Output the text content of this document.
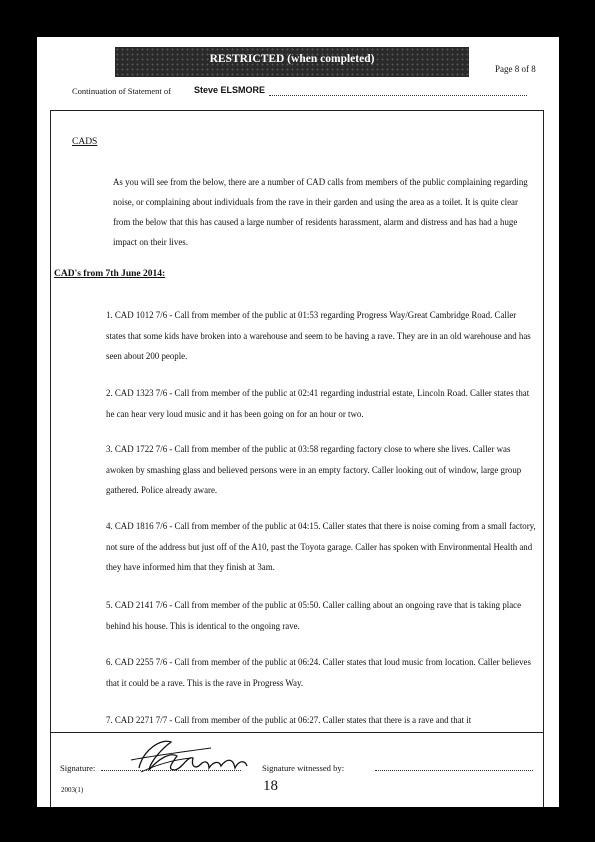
RESTRICTED (when completed)
Page 8 of 8
Continuation of Statement of	Steve ELSMORE
CADS
As you will see from the below, there are a number of CAD calls from members of the public complaining regarding noise, or complaining about individuals from the rave in their garden and using the area as a toilet. It is quite clear from the below that this has caused a large number of residents harassment, alarm and distress and has had a huge impact on their lives.
CAD's from 7th June 2014:
1. CAD 1012 7/6 - Call from member of the public at 01:53 regarding Progress Way/Great Cambridge Road. Caller states that some kids have broken into a warehouse and seem to be having a rave. They are in an old warehouse and has seen about 200 people.
2. CAD 1323 7/6 - Call from member of the public at 02:41 regarding industrial estate, Lincoln Road. Caller states that he can hear very loud music and it has been going on for an hour or two.
3. CAD 1722 7/6 - Call from member of the public at 03:58 regarding factory close to where she lives. Caller was awoken by smashing glass and believed persons were in an empty factory. Caller looking out of window, large group gathered. Police already aware.
4. CAD 1816 7/6 - Call from member of the public at 04:15. Caller states that there is noise coming from a small factory, not sure of the address but just off of the A10, past the Toyota garage. Caller has spoken with Environmental Health and they have informed him that they finish at 3am.
5. CAD 2141 7/6 - Call from member of the public at 05:50. Caller calling about an ongoing rave that is taking place behind his house. This is identical to the ongoing rave.
6. CAD 2255 7/6 - Call from member of the public at 06:24. Caller states that loud music from location. Caller believes that it could be a rave. This is the rave in Progress Way.
7. CAD 2271 7/7 - Call from member of the public at 06:27. Caller states that there is a rave and that it
Signature:	Signature witnessed by:
2003(1)	18
